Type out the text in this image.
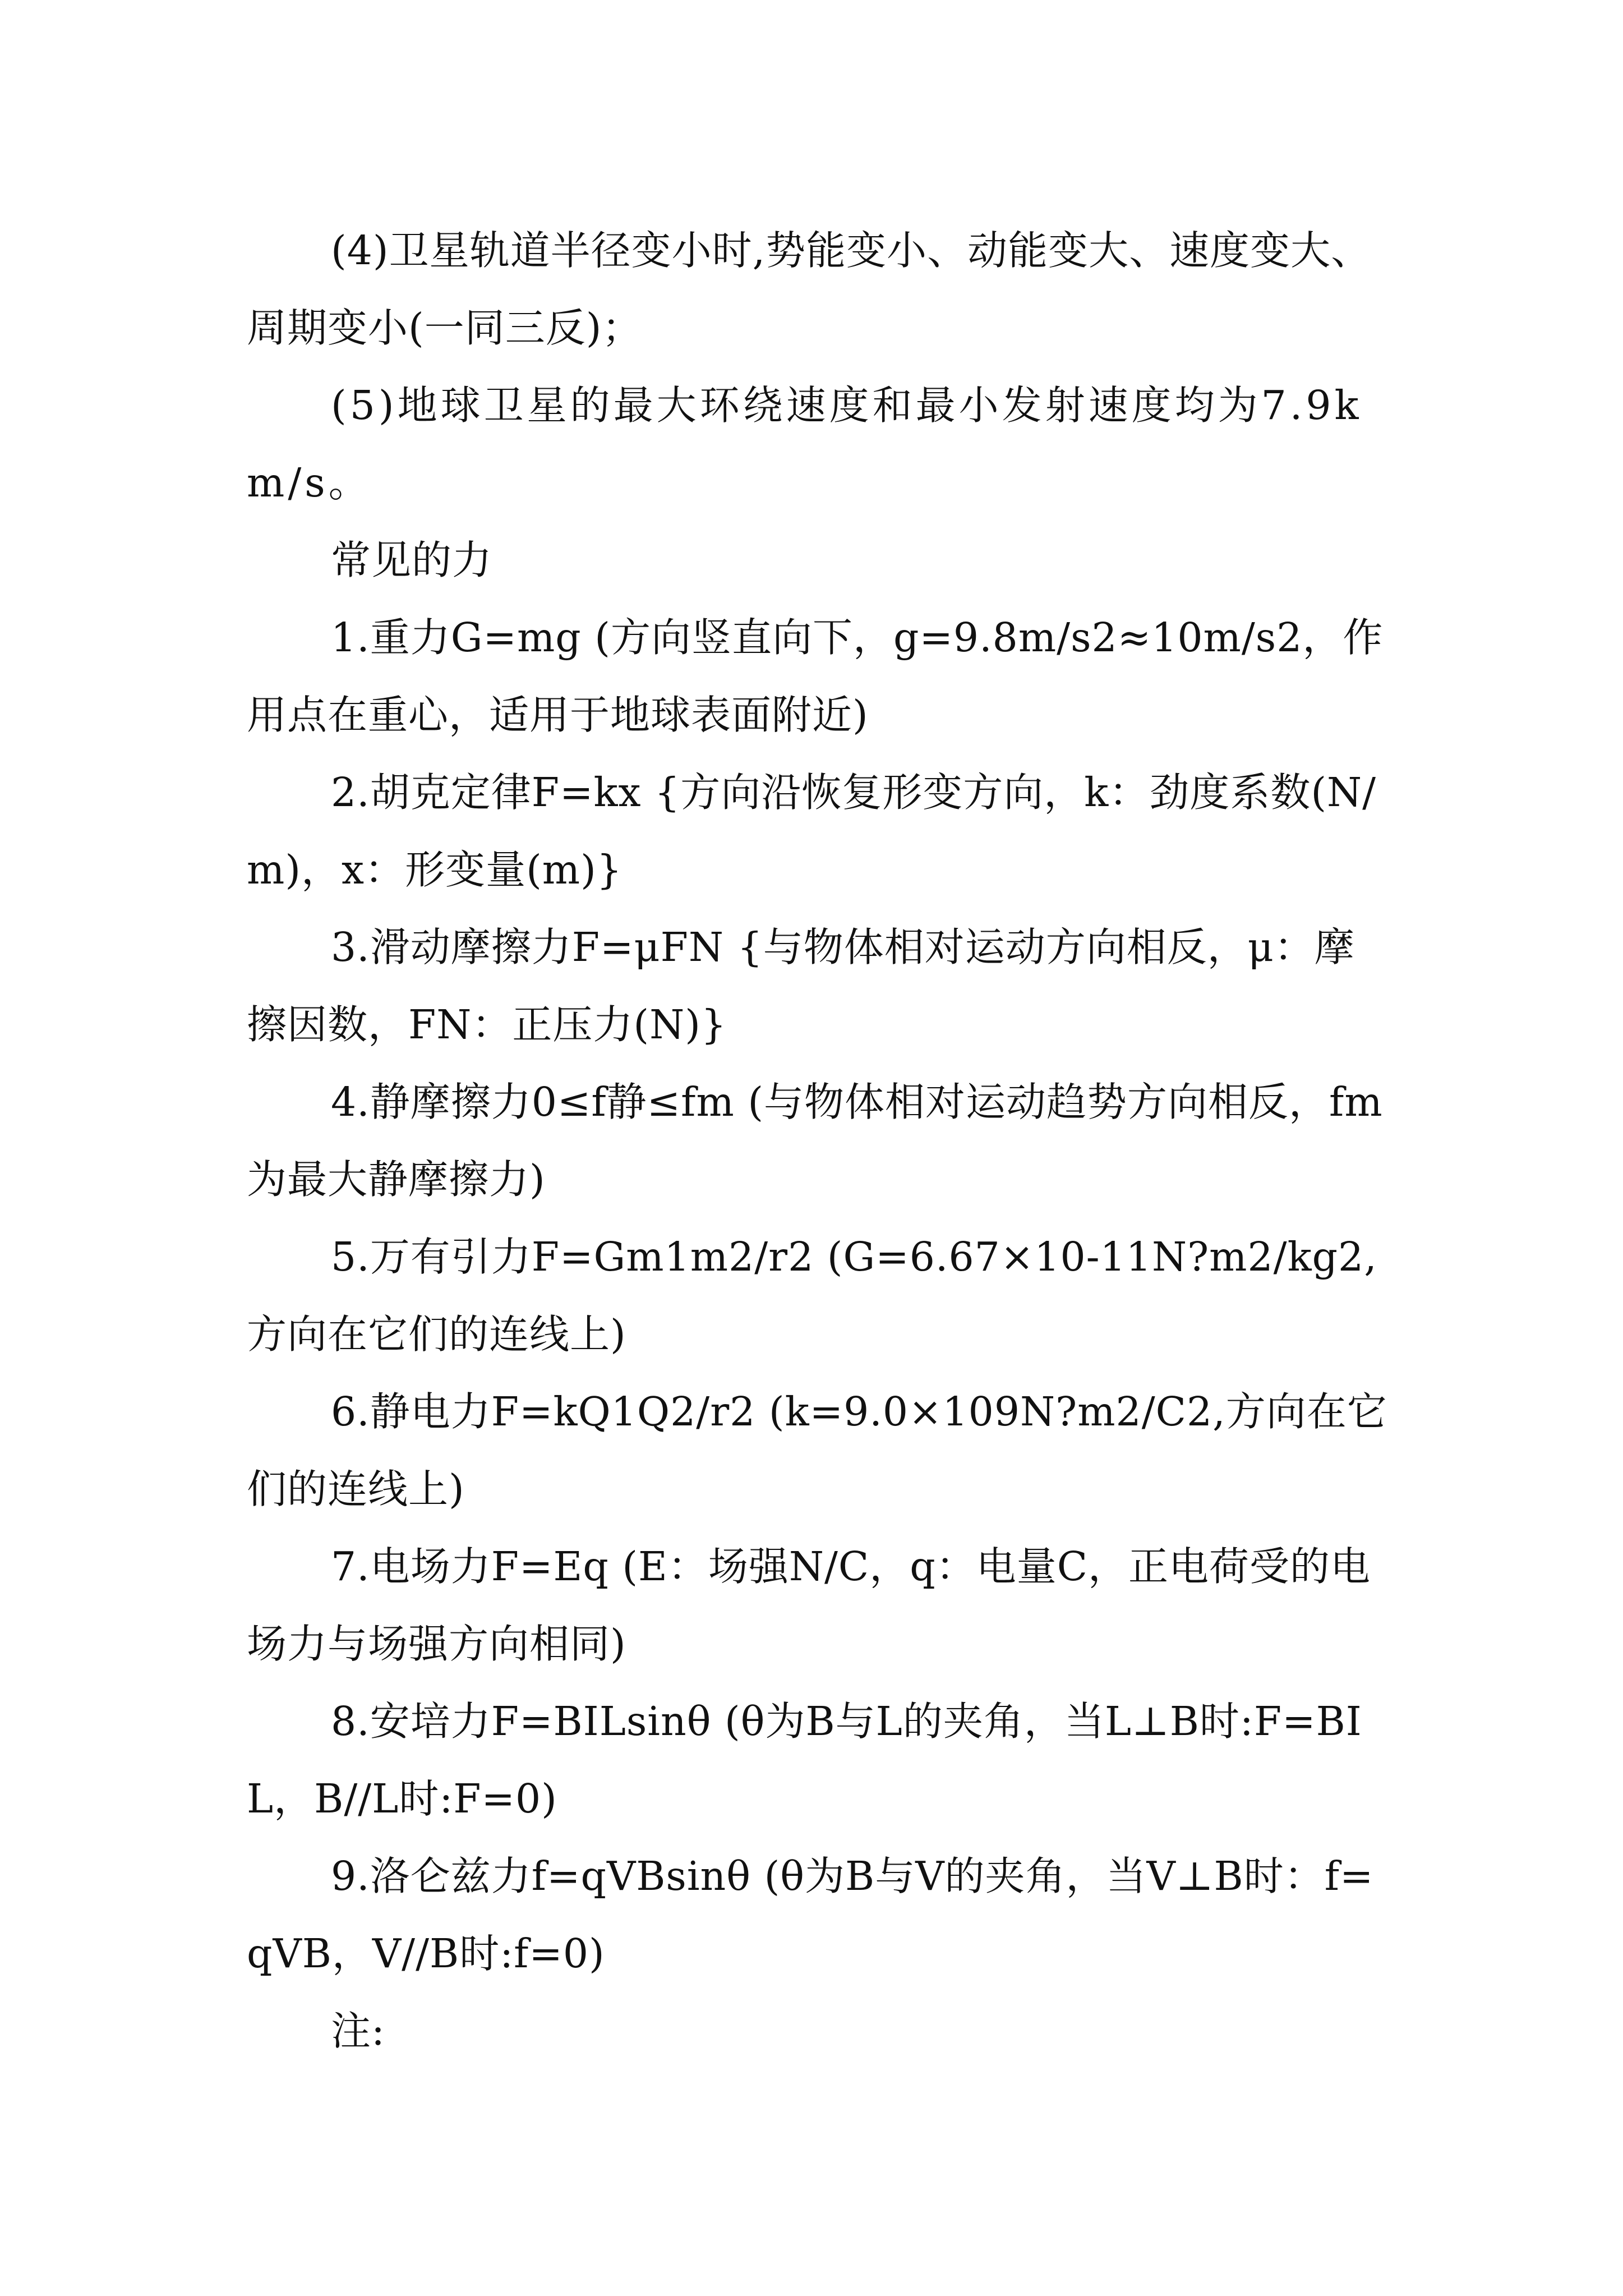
(4)卫星轨道半径变小时,势能变小、动能变大、速度变大、周期变小(一同三反)；

(5)地球卫星的最大环绕速度和最小发射速度均为7.9km/s。

常见的力

1.重力G=mg (方向竖直向下，g=9.8m/s2≈10m/s2，作用点在重心，适用于地球表面附近)

2.胡克定律F=kx {方向沿恢复形变方向，k：劲度系数(N/m)，x：形变量(m)}

3.滑动摩擦力F=μFN {与物体相对运动方向相反，μ：摩擦因数，FN：正压力(N)}

4.静摩擦力0≤f静≤fm (与物体相对运动趋势方向相反，fm为最大静摩擦力)

5.万有引力F=Gm1m2/r2 (G=6.67×10-11N?m2/kg2,方向在它们的连线上)

6.静电力F=kQ1Q2/r2 (k=9.0×109N?m2/C2,方向在它们的连线上)

7.电场力F=Eq (E：场强N/C，q：电量C，正电荷受的电场力与场强方向相同)

8.安培力F=BILsinθ (θ为B与L的夹角，当L⊥B时:F=BIL，B//L时:F=0)

9.洛仑兹力f=qVBsinθ (θ为B与V的夹角，当V⊥B时：f=qVB，V//B时:f=0)

注:
